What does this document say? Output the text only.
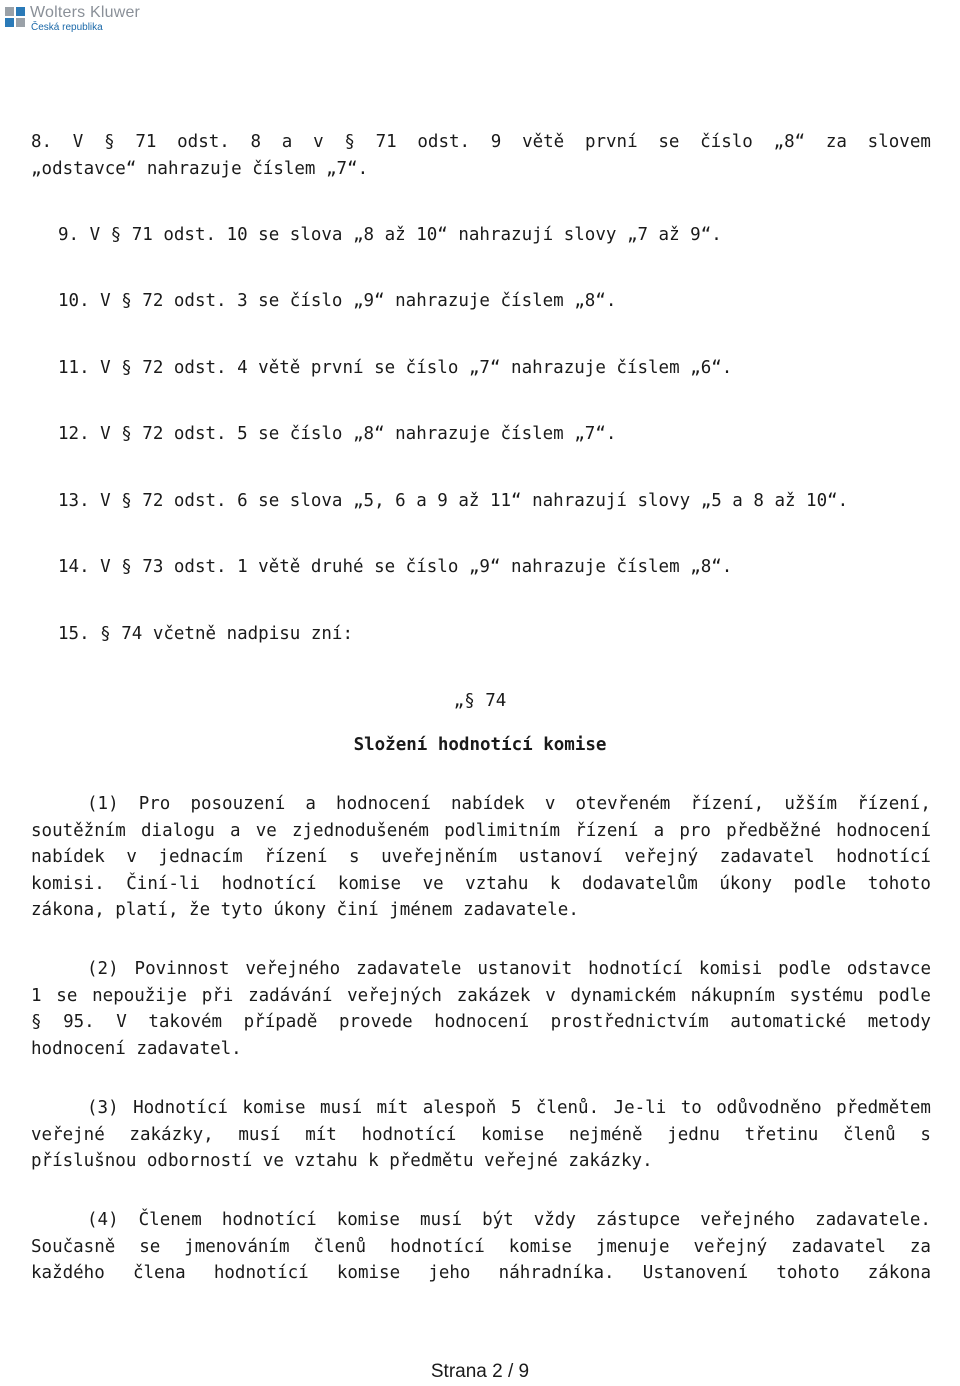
Wolters Kluwer
Česká republika
8. V § 71 odst. 8 a v § 71 odst. 9 větě první se číslo „8“ za slovem
„odstavce“ nahrazuje číslem „7“.
9. V § 71 odst. 10 se slova „8 až 10“ nahrazují slovy „7 až 9“.
10. V § 72 odst. 3 se číslo „9“ nahrazuje číslem „8“.
11. V § 72 odst. 4 větě první se číslo „7“ nahrazuje číslem „6“.
12. V § 72 odst. 5 se číslo „8“ nahrazuje číslem „7“.
13. V § 72 odst. 6 se slova „5, 6 a 9 až 11“ nahrazují slovy „5 a 8 až 10“.
14. V § 73 odst. 1 větě druhé se číslo „9“ nahrazuje číslem „8“.
15. § 74 včetně nadpisu zní:
„§ 74
Složení hodnotící komise
(1) Pro posouzení a hodnocení nabídek v otevřeném řízení, užším řízení,
soutěžním dialogu a ve zjednodušeném podlimitním řízení a pro předběžné hodnocení
nabídek v jednacím řízení s uveřejněním ustanoví veřejný zadavatel hodnotící
komisi. Činí-li hodnotící komise ve vztahu k dodavatelům úkony podle tohoto
zákona, platí, že tyto úkony činí jménem zadavatele.
(2) Povinnost veřejného zadavatele ustanovit hodnotící komisi podle odstavce
1 se nepoužije při zadávání veřejných zakázek v dynamickém nákupním systému podle
§ 95. V takovém případě provede hodnocení prostřednictvím automatické metody
hodnocení zadavatel.
(3) Hodnotící komise musí mít alespoň 5 členů. Je-li to odůvodněno předmětem
veřejné zakázky, musí mít hodnotící komise nejméně jednu třetinu členů s
příslušnou odborností ve vztahu k předmětu veřejné zakázky.
(4) Členem hodnotící komise musí být vždy zástupce veřejného zadavatele.
Současně se jmenováním členů hodnotící komise jmenuje veřejný zadavatel za
každého člena hodnotící komise jeho náhradníka. Ustanovení tohoto zákona
Strana 2 / 9
